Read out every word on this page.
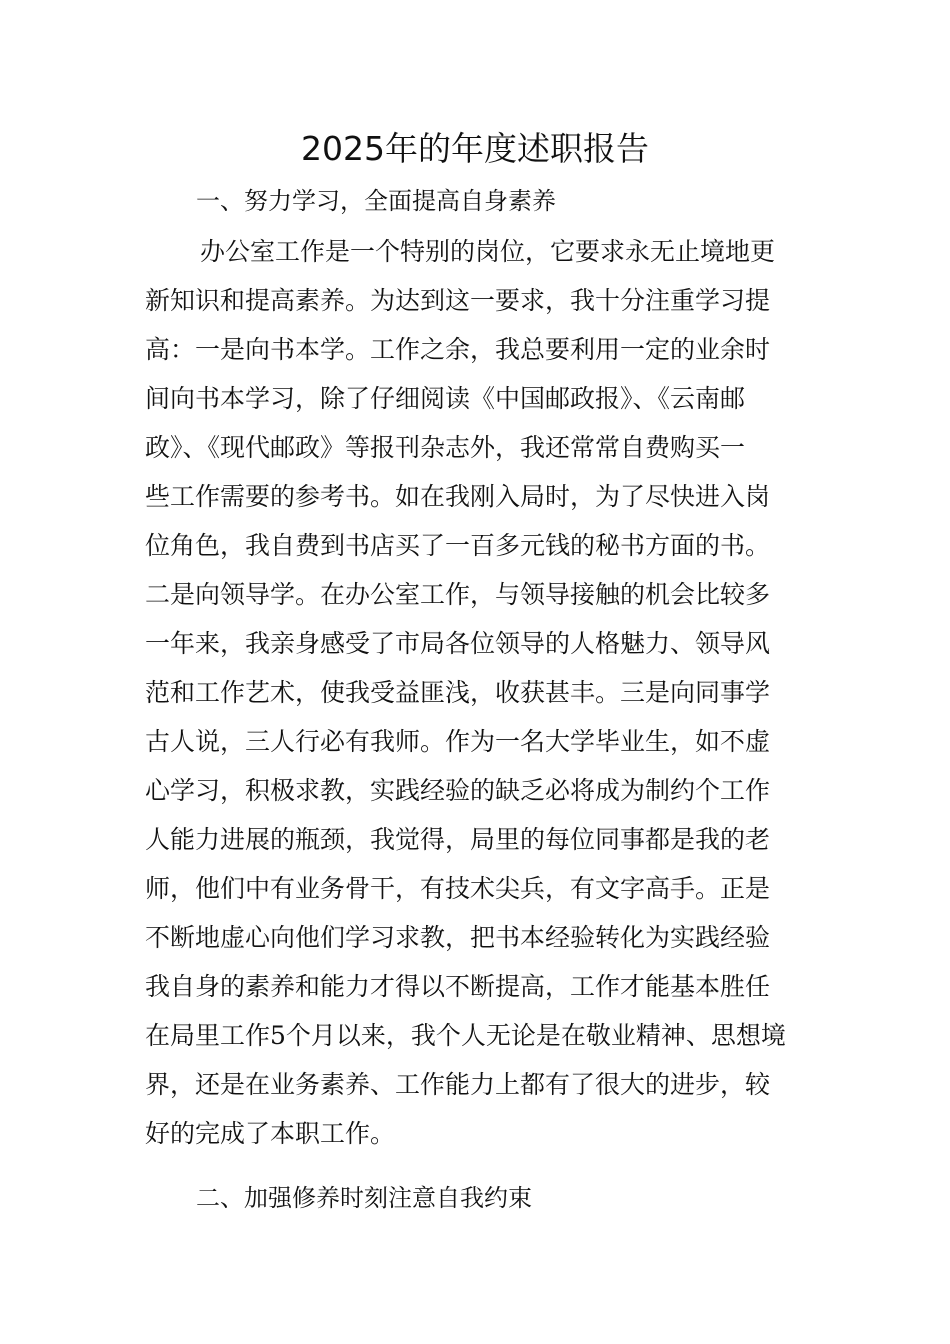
2025年的年度述职报告
一、努力学习，全面提高自身素养
办公室工作是一个特别的岗位，它要求永无止境地更
新知识和提高素养。为达到这一要求，我十分注重学习提
高：一是向书本学。工作之余，我总要利用一定的业余时
间向书本学习，除了仔细阅读《中国邮政报》、《云南邮
政》、《现代邮政》等报刊杂志外，我还常常自费购买一
些工作需要的参考书。如在我刚入局时，为了尽快进入岗
位角色，我自费到书店买了一百多元钱的秘书方面的书。
二是向领导学。在办公室工作，与领导接触的机会比较多
一年来，我亲身感受了市局各位领导的人格魅力、领导风
范和工作艺术，使我受益匪浅，收获甚丰。三是向同事学
古人说，三人行必有我师。作为一名大学毕业生，如不虚
心学习，积极求教，实践经验的缺乏必将成为制约个工作
人能力进展的瓶颈，我觉得，局里的每位同事都是我的老
师，他们中有业务骨干，有技术尖兵，有文字高手。正是
不断地虚心向他们学习求教，把书本经验转化为实践经验
我自身的素养和能力才得以不断提高，工作才能基本胜任
在局里工作5个月以来，我个人无论是在敬业精神、思想境
界，还是在业务素养、工作能力上都有了很大的进步，较
好的完成了本职工作。
二、加强修养时刻注意自我约束
